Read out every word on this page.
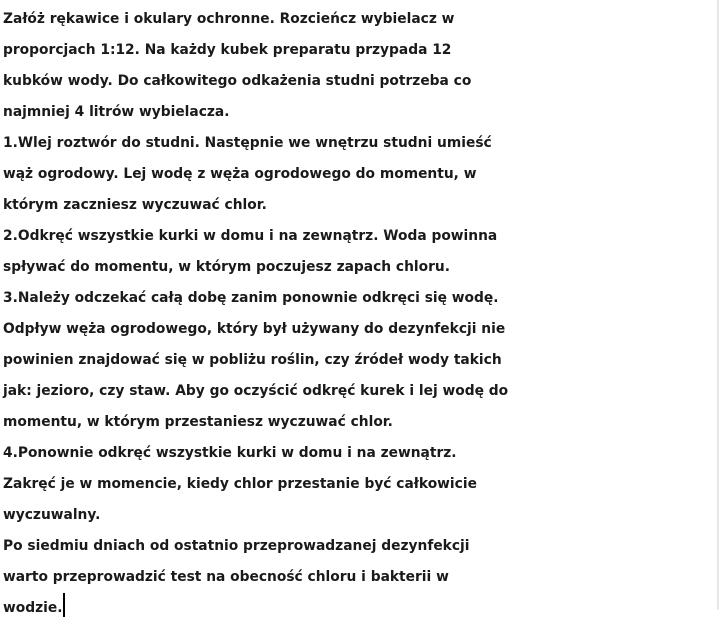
Załóż rękawice i okulary ochronne. Rozcieńcz wybielacz w
proporcjach 1:12. Na każdy kubek preparatu przypada 12
kubków wody. Do całkowitego odkażenia studni potrzeba co
najmniej 4 litrów wybielacza.
1.Wlej roztwór do studni. Następnie we wnętrzu studni umieść
wąż ogrodowy. Lej wodę z węża ogrodowego do momentu, w
którym zaczniesz wyczuwać chlor.
2.Odkręć wszystkie kurki w domu i na zewnątrz. Woda powinna
spływać do momentu, w którym poczujesz zapach chloru.
3.Należy odczekać całą dobę zanim ponownie odkręci się wodę.
Odpływ węża ogrodowego, który był używany do dezynfekcji nie
powinien znajdować się w pobliżu roślin, czy źródeł wody takich
jak: jezioro, czy staw. Aby go oczyścić odkręć kurek i lej wodę do
momentu, w którym przestaniesz wyczuwać chlor.
4.Ponownie odkręć wszystkie kurki w domu i na zewnątrz.
Zakręć je w momencie, kiedy chlor przestanie być całkowicie
wyczuwalny.
Po siedmiu dniach od ostatnio przeprowadzanej dezynfekcji
warto przeprowadzić test na obecność chloru i bakterii w
wodzie.
